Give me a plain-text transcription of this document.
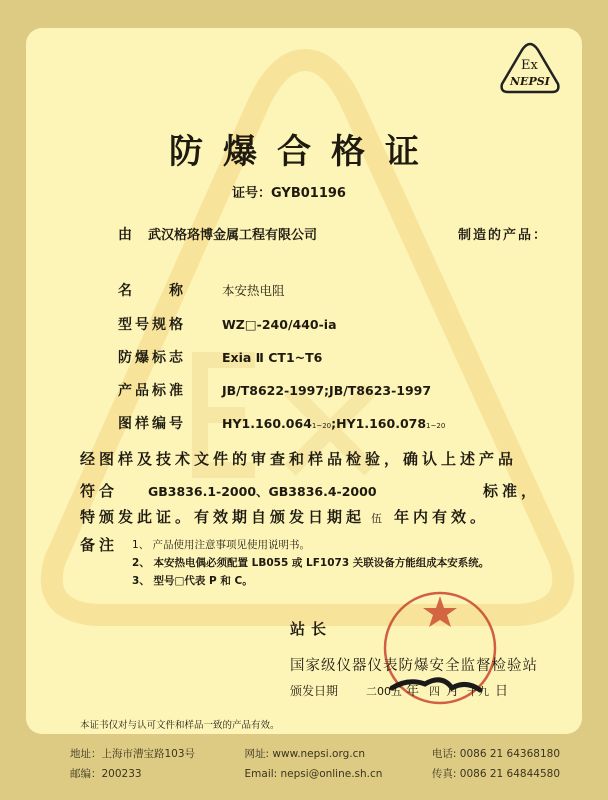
Ex
NEPSI
防爆合格证
证号：GYB01196
由 武汉格珞博金属工程有限公司	制造的产品：
名　　称	本安热电阻
型号规格	WZ□-240/440-ia
防爆标志	Exia Ⅱ CT1~T6
产品标准	JB/T8622-1997;JB/T8623-1997
图样编号	HY1.160.064 1~20 ;HY1.160.078 1~20
经图样及技术文件的审查和样品检验，确认上述产品
符合 GB3836.1-2000、GB3836.4-2000	标准，
特颁发此证。有效期自颁发日期起 伍 年内有效。
备注 1、 产品使用注意事项见使用说明书。
2、 本安热电偶必须配置 LB055 或 LF1073 关联设备方能组成本安系统。
3、 型号□代表 P 和 C。
站长
国家级仪器仪表防爆安全监督检验站
颁发日期	二00五 年 四 月 十九 日
本证书仅对与认可文件和样品一致的产品有效。
地址：上海市漕宝路103号
邮编：200233
网址: www.nepsi.org.cn
Email: nepsi@online.sh.cn
电话: 0086 21 64368180
传真: 0086 21 64844580
